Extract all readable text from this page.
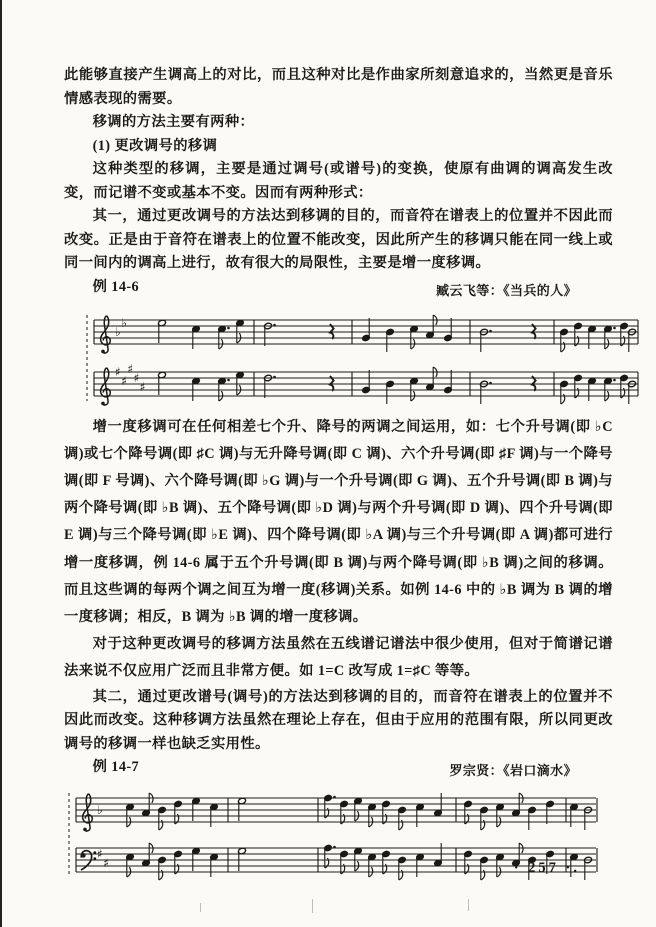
此能够直接产生调高上的对比，而且这种对比是作曲家所刻意追求的，当然更是音乐情感表现的需要。

移调的方法主要有两种：

(1) 更改调号的移调

这种类型的移调，主要是通过调号(或谱号)的变换，使原有曲调的调高发生改变，而记谱不变或基本不变。因而有两种形式：

其一，通过更改调号的方法达到移调的目的，而音符在谱表上的位置并不因此而改变。正是由于音符在谱表上的位置不能改变，因此所产生的移调只能在同一线上或同一间内的调高上进行，故有很大的局限性，主要是增一度移调。

例 14-6	臧云飞等：《当兵的人》
♭
♭
♯
♯
♯
♯
♯

增一度移调可在任何相差七个升、降号的两调之间运用，如：七个升号调(即 ♭C 调)或七个降号调(即 ♯C 调)与无升降号调(即 C 调)、六个升号调(即 ♯F 调)与一个降号调(即 F 号调)、六个降号调(即 ♭G 调)与一个升号调(即 G 调)、五个升号调(即 B 调)与两个降号调(即 ♭B 调)、五个降号调(即 ♭D 调)与两个升号调(即 D 调)、四个升号调(即 E 调)与三个降号调(即 ♭E 调)、四个降号调(即 ♭A 调)与三个升号调(即 A 调)都可进行增一度移调，例 14-6 属于五个升号调(即 B 调)与两个降号调(即 ♭B 调)之间的移调。而且这些调的每两个调之间互为增一度(移调)关系。如例 14-6 中的 ♭B 调为 B 调的增一度移调；相反，B 调为 ♭B 调的增一度移调。

对于这种更改调号的移调方法虽然在五线谱记谱法中很少使用，但对于简谱记谱法来说不仅应用广泛而且非常方便。如 1=C 改写成 1=♯C 等等。

其二，通过更改谱号(调号)的方法达到移调的目的，而音符在谱表上的位置并不因此而改变。这种移调方法虽然在理论上存在，但由于应用的范围有限，所以同更改调号的移调一样也缺乏实用性。

例 14-7	罗宗贤：《岩口滴水》
♭
♯
♯	· 257 ·.
